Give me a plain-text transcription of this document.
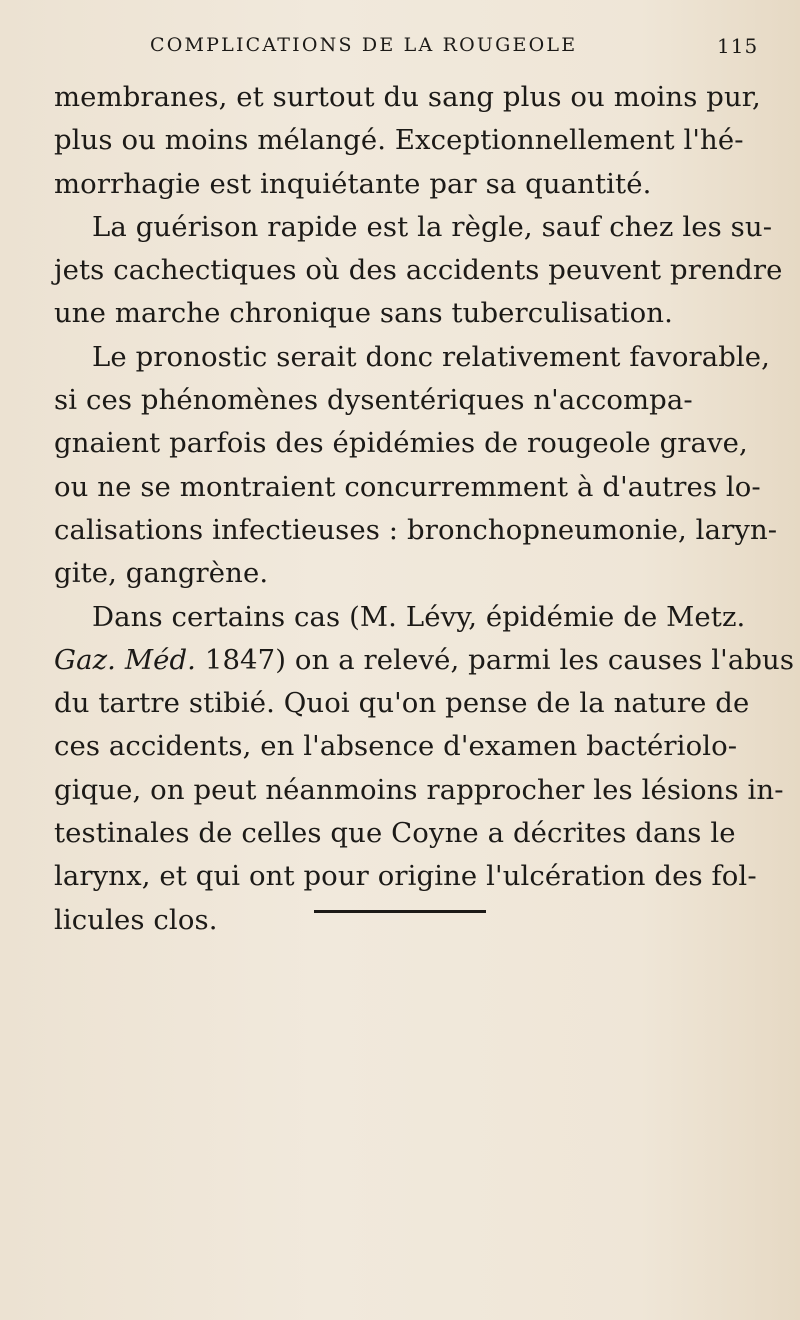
COMPLICATIONS DE LA ROUGEOLE	115
membranes, et surtout du sang plus ou moins pur,
plus ou moins mélangé. Exceptionnellement l'hé-
morrhagie est inquiétante par sa quantité.
La guérison rapide est la règle, sauf chez les su-
jets cachectiques où des accidents peuvent prendre
une marche chronique sans tuberculisation.
Le pronostic serait donc relativement favorable,
si ces phénomènes dysentériques n'accompa-
gnaient parfois des épidémies de rougeole grave,
ou ne se montraient concurremment à d'autres lo-
calisations infectieuses : bronchopneumonie, laryn-
gite, gangrène.
Dans certains cas (M. Lévy, épidémie de Metz.
Gaz. Méd. 1847) on a relevé, parmi les causes l'abus
du tartre stibié. Quoi qu'on pense de la nature de
ces accidents, en l'absence d'examen bactériolo-
gique, on peut néanmoins rapprocher les lésions in-
testinales de celles que Coyne a décrites dans le
larynx, et qui ont pour origine l'ulcération des fol-
licules clos.
